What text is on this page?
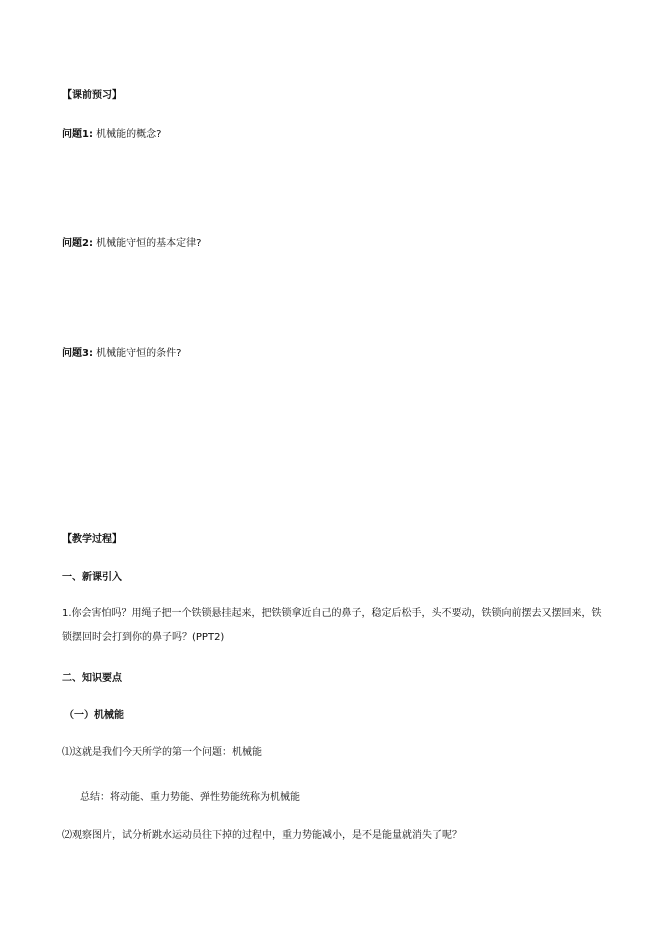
【课前预习】
问题1: 机械能的概念?
问题2: 机械能守恒的基本定律?
问题3: 机械能守恒的条件?
【教学过程】
一、新课引入
1.你会害怕吗？用绳子把一个铁锁悬挂起来，把铁锁拿近自己的鼻子，稳定后松手，头不要动，铁锁向前摆去又摆回来，铁锁摆回时会打到你的鼻子吗？(PPT2)
二、知识要点
（一）机械能
⑴这就是我们今天所学的第一个问题：机械能
总结：将动能、重力势能、弹性势能统称为机械能
⑵观察图片，试分析跳水运动员往下掉的过程中，重力势能减小，是不是能量就消失了呢？
